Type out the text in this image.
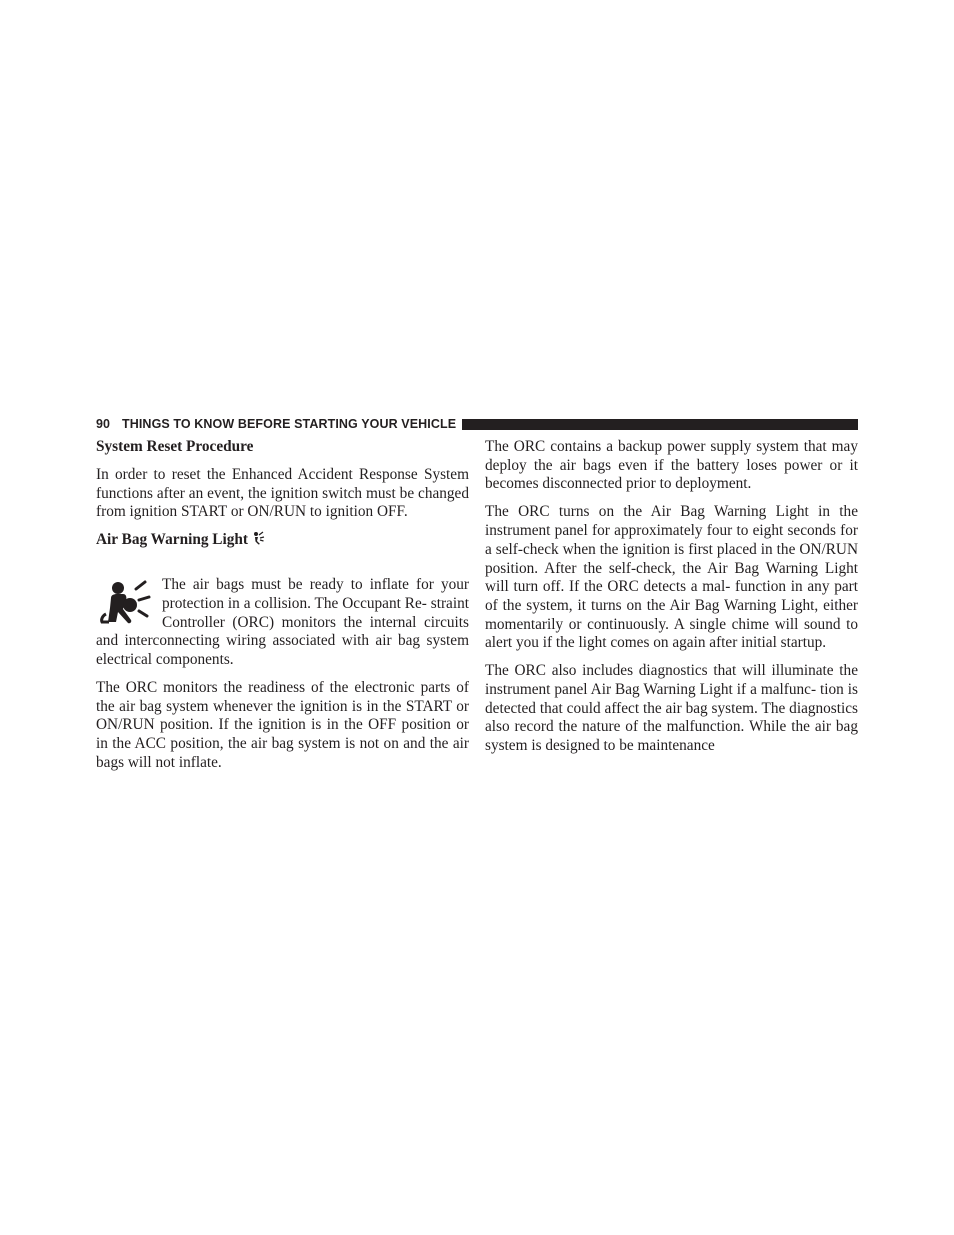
90 THINGS TO KNOW BEFORE STARTING YOUR VEHICLE
System Reset Procedure

In order to reset the Enhanced Accident Response System functions after an event, the ignition switch must be changed from ignition START or ON/RUN to ignition OFF.

Air Bag Warning Light

The air bags must be ready to inflate for your protection in a collision. The Occupant Re- straint Controller (ORC) monitors the internal circuits and interconnecting wiring associated with air bag system electrical components.

The ORC monitors the readiness of the electronic parts of the air bag system whenever the ignition is in the START or ON/RUN position. If the ignition is in the OFF position or in the ACC position, the air bag system is not on and the air bags will not inflate.

The ORC contains a backup power supply system that may deploy the air bags even if the battery loses power or it becomes disconnected prior to deployment.

The ORC turns on the Air Bag Warning Light in the instrument panel for approximately four to eight seconds for a self-check when the ignition is first placed in the ON/RUN position. After the self-check, the Air Bag Warning Light will turn off. If the ORC detects a mal- function in any part of the system, it turns on the Air Bag Warning Light, either momentarily or continuously. A single chime will sound to alert you if the light comes on again after initial startup.

The ORC also includes diagnostics that will illuminate the instrument panel Air Bag Warning Light if a malfunc- tion is detected that could affect the air bag system. The diagnostics also record the nature of the malfunction. While the air bag system is designed to be maintenance
